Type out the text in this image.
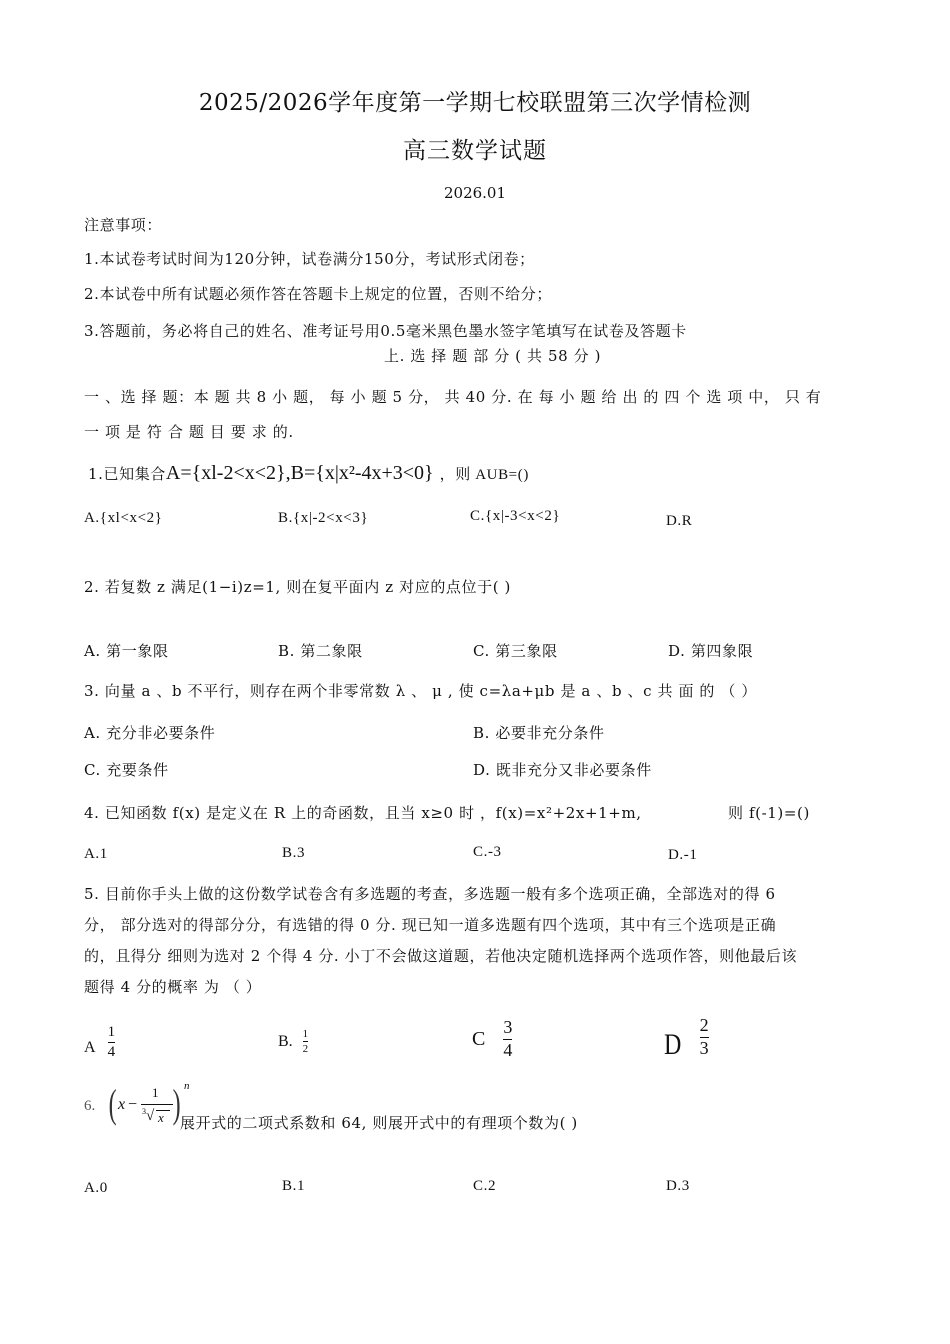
2025/2026学年度第一学期七校联盟第三次学情检测
高三数学试题
2026.01
注意事项：
1.本试卷考试时间为120分钟，试卷满分150分，考试形式闭卷；
2.本试卷中所有试题必须作答在答题卡上规定的位置，否则不给分；
3.答题前，务必将自己的姓名、准考证号用0.5毫米黑色墨水签字笔填写在试卷及答题卡
上. 选 择 题 部 分 ( 共 58 分 )
一 、选 择 题：本 题 共 8 小 题， 每 小 题 5 分， 共 40 分. 在 每 小 题 给 出 的 四 个 选 项 中， 只 有
一 项 是 符 合 题 目 要 求 的.
1.已知集合A={xl-2<x<2},B={x|x²-4x+3<0} ，则 AUB=()
A.{xl<x<2}	B.{x|-2<x<3}	C.{x|-3<x<2}	D.R
2. 若复数 z 满足(1−i)z=1, 则在复平面内 z 对应的点位于( )
A. 第一象限	B. 第二象限	C. 第三象限	D. 第四象限
3. 向量 a 、b 不平行，则存在两个非零常数 λ 、 μ , 使 c=λa+μb 是 a 、b 、c 共 面 的 （ ）
A. 充分非必要条件	B. 必要非充分条件
C. 充要条件	D. 既非充分又非必要条件
4. 已知函数 f(x) 是定义在 R 上的奇函数，且当 x≥0 时 ，f(x)=x²+2x+1+m,	则 f(-1)=()
A.1	B.3	C.-3	D.-1
5. 目前你手头上做的这份数学试卷含有多选题的考查，多选题一般有多个选项正确，全部选对的得 6
分， 部分选对的得部分分，有选错的得 0 分. 现已知一道多选题有四个选项，其中有三个选项是正确
的，且得分 细则为选对 2 个得 4 分. 小丁不会做这道题，若他决定随机选择两个选项作答，则他最后该
题得 4 分的概率 为 （ ）
A $\frac{1}{4}$	B. $\frac{1}{2}$	C $\frac{3}{4}$	D $\frac{2}{3}$
6. ( x −
1
3 √ x ) n
展开式的二项式系数和 64, 则展开式中的有理项个数为( )
A.0	B.1	C.2	D.3
